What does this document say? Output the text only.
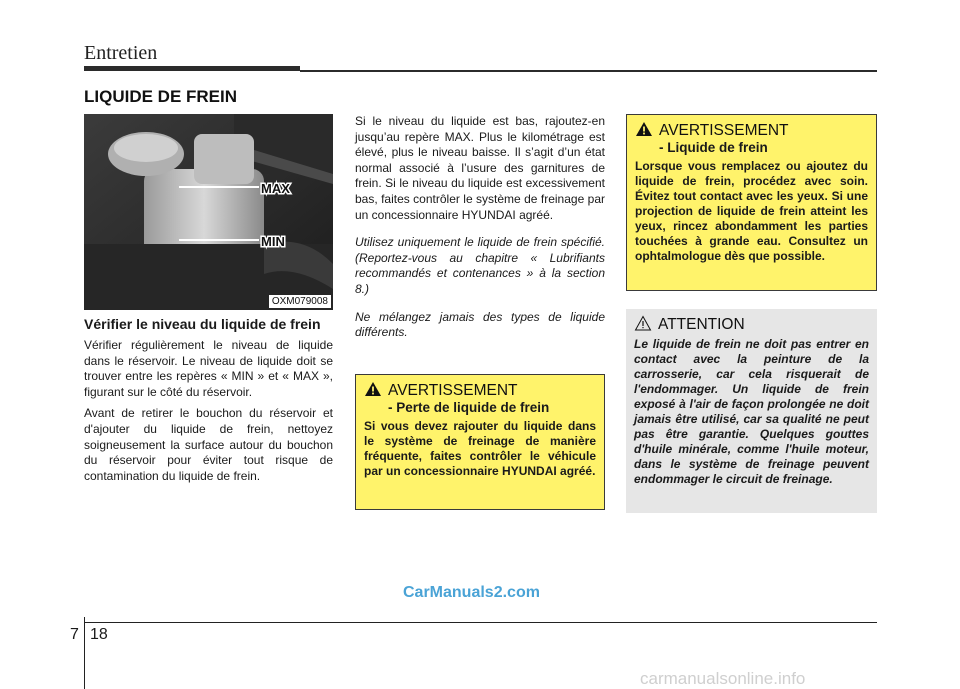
Entretien
LIQUIDE DE FREIN
MAX
MIN
OXM079008
Vérifier le niveau du liquide de frein

Vérifier régulièrement le niveau de liquide dans le réservoir. Le niveau de liquide doit se trouver entre les repères « MIN » et « MAX », figurant sur le côté du réservoir.

Avant de retirer le bouchon du réservoir et d'ajouter du liquide de frein, nettoyez soigneusement la surface autour du bouchon du réservoir pour éviter tout risque de contamination du liquide de frein.

Si le niveau du liquide est bas, rajoutez-en jusqu’au repère MAX. Plus le kilométrage est élevé, plus le niveau baisse. Il s’agit d’un état normal associé à l’usure des garnitures de frein. Si le niveau du liquide est excessivement bas, faites contrôler le système de freinage par un concessionnaire HYUNDAI agréé.

Utilisez uniquement le liquide de frein spécifié. (Reportez-vous au chapitre « Lubrifiants recommandés et contenances » à la section 8.)

Ne mélangez jamais des types de liquide différents.

AVERTISSEMENT
- Perte de liquide de frein
Si vous devez rajouter du liquide dans le système de freinage de manière fréquente, faites contrôler le véhicule par un concessionnaire HYUNDAI agréé.
AVERTISSEMENT
- Liquide de frein
Lorsque vous remplacez ou ajoutez du liquide de frein, procédez avec soin. Évitez tout contact avec les yeux. Si une projection de liquide de frein atteint les yeux, rincez abondamment les parties touchées à grande eau. Consultez un ophtalmologue dès que possible.
ATTENTION
Le liquide de frein ne doit pas entrer en contact avec la peinture de la carrosserie, car cela risquerait de l'endommager. Un liquide de frein exposé à l'air de façon prolongée ne doit jamais être utilisé, car sa qualité ne peut pas être garantie. Quelques gouttes d'huile minérale, comme l'huile moteur, dans le système de freinage peuvent endommager le circuit de freinage.
CarManuals2.com
7 18
carmanualsonline.info
